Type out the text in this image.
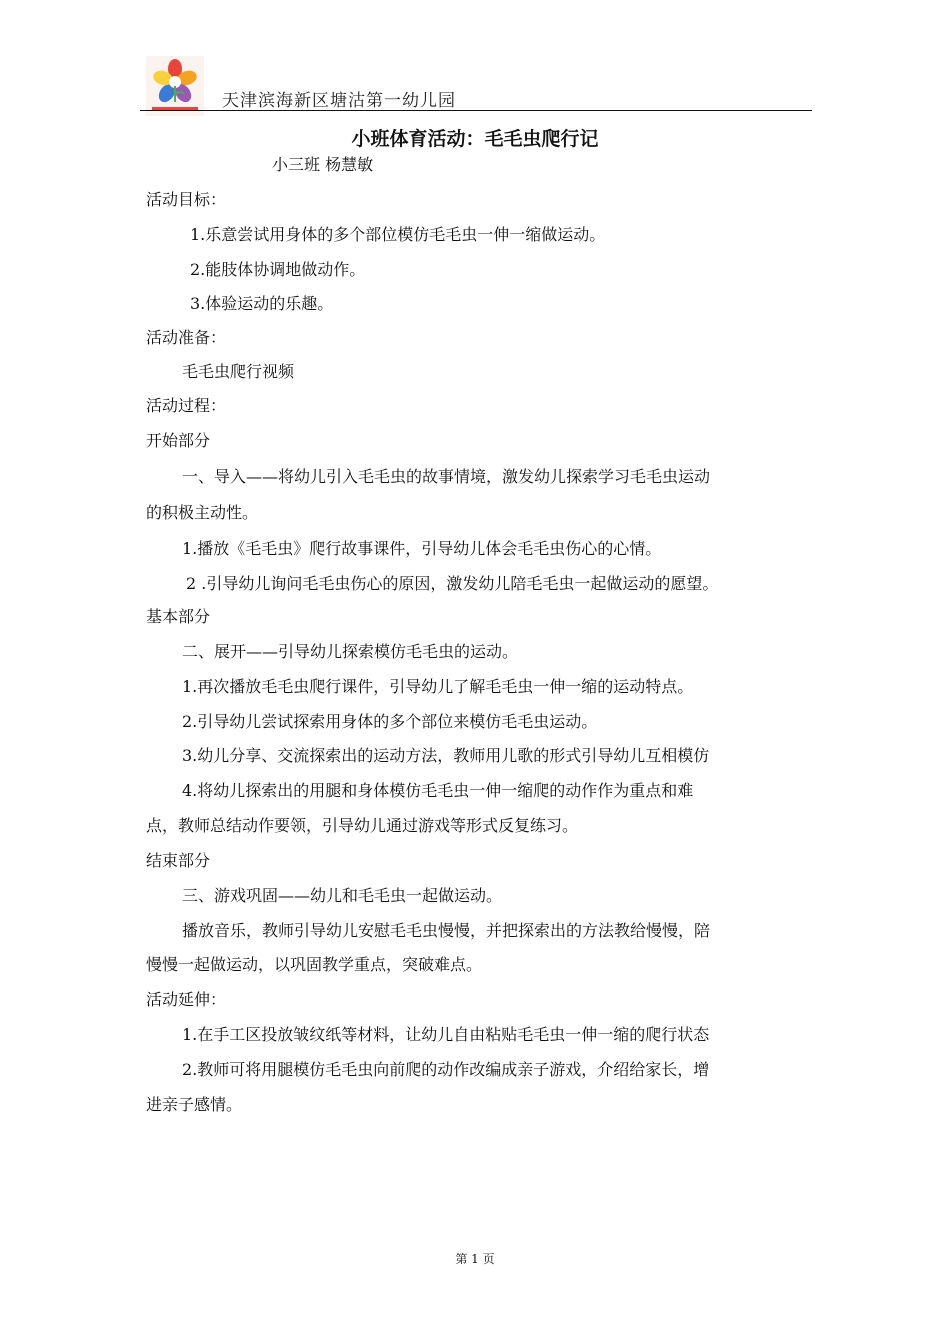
天津滨海新区塘沽第一幼儿园
小班体育活动：毛毛虫爬行记
小三班 杨慧敏
活动目标：
1.乐意尝试用身体的多个部位模仿毛毛虫一伸一缩做运动。
2.能肢体协调地做动作。
3.体验运动的乐趣。
活动准备：
毛毛虫爬行视频
活动过程：
开始部分
一、导入——将幼儿引入毛毛虫的故事情境，激发幼儿探索学习毛毛虫运动
的积极主动性。
1.播放《毛毛虫》爬行故事课件，引导幼儿体会毛毛虫伤心的心情。
2 .引导幼儿询问毛毛虫伤心的原因，激发幼儿陪毛毛虫一起做运动的愿望。
基本部分
二、展开——引导幼儿探索模仿毛毛虫的运动。
1.再次播放毛毛虫爬行课件，引导幼儿了解毛毛虫一伸一缩的运动特点。
2.引导幼儿尝试探索用身体的多个部位来模仿毛毛虫运动。
3.幼儿分享、交流探索出的运动方法，教师用儿歌的形式引导幼儿互相模仿
4.将幼儿探索出的用腿和身体模仿毛毛虫一伸一缩爬的动作作为重点和难
点，教师总结动作要领，引导幼儿通过游戏等形式反复练习。
结束部分
三、游戏巩固——幼儿和毛毛虫一起做运动。
播放音乐，教师引导幼儿安慰毛毛虫慢慢，并把探索出的方法教给慢慢，陪
慢慢一起做运动，以巩固教学重点，突破难点。
活动延伸：
1.在手工区投放皱纹纸等材料，让幼儿自由粘贴毛毛虫一伸一缩的爬行状态
2.教师可将用腿模仿毛毛虫向前爬的动作改编成亲子游戏，介绍给家长，增
进亲子感情。
第 1 页
